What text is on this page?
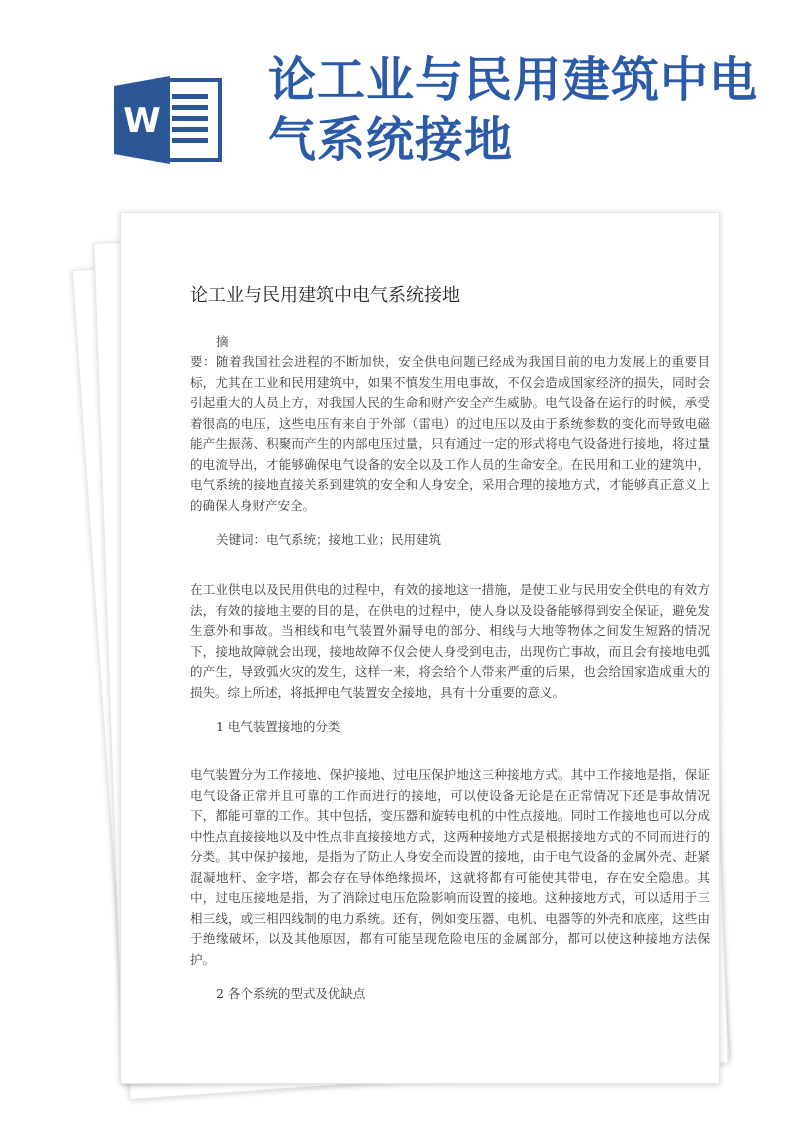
W
论工业与民用建筑中电气系统接地
论工业与民用建筑中电气系统接地
摘

要：随着我国社会进程的不断加快，安全供电问题已经成为我国目前的电力发展上的重要目标，尤其在工业和民用建筑中，如果不慎发生用电事故，不仅会造成国家经济的损失，同时会引起重大的人员上方，对我国人民的生命和财产安全产生威胁。电气设备在运行的时候，承受着很高的电压，这些电压有来自于外部（雷电）的过电压以及由于系统参数的变化而导致电磁能产生振荡、积聚而产生的内部电压过量，只有通过一定的形式将电气设备进行接地，将过量的电流导出，才能够确保电气设备的安全以及工作人员的生命安全。在民用和工业的建筑中，电气系统的接地直接关系到建筑的安全和人身安全，采用合理的接地方式，才能够真正意义上的确保人身财产安全。

关键词：电气系统；接地工业；民用建筑

在工业供电以及民用供电的过程中，有效的接地这一措施，是使工业与民用安全供电的有效方法，有效的接地主要的目的是，在供电的过程中，使人身以及设备能够得到安全保证，避免发生意外和事故。当相线和电气装置外漏导电的部分、相线与大地等物体之间发生短路的情况下，接地故障就会出现，接地故障不仅会使人身受到电击，出现伤亡事故，而且会有接地电弧的产生，导致弧火灾的发生，这样一来，将会给个人带来严重的后果，也会给国家造成重大的损失。综上所述，将抵押电气装置安全接地，具有十分重要的意义。

1 电气装置接地的分类

电气装置分为工作接地、保护接地、过电压保护地这三种接地方式。其中工作接地是指，保证电气设备正常并且可靠的工作而进行的接地，可以使设备无论是在正常情况下还是事故情况下，都能可靠的工作。其中包括，变压器和旋转电机的中性点接地。同时工作接地也可以分成中性点直接接地以及中性点非直接接地方式，这两种接地方式是根据接地方式的不同而进行的分类。其中保护接地，是指为了防止人身安全而设置的接地，由于电气设备的金属外壳、赶紧混凝地杆、金字塔，都会存在导体绝缘损坏，这就将都有可能使其带电，存在安全隐患。其中，过电压接地是指，为了消除过电压危险影响而设置的接地。这种接地方式，可以适用于三相三线，或三相四线制的电力系统。还有，例如变压器、电机、电器等的外壳和底座，这些由于绝缘破坏，以及其他原因，都有可能呈现危险电压的金属部分，都可以使这种接地方法保护。

2 各个系统的型式及优缺点
